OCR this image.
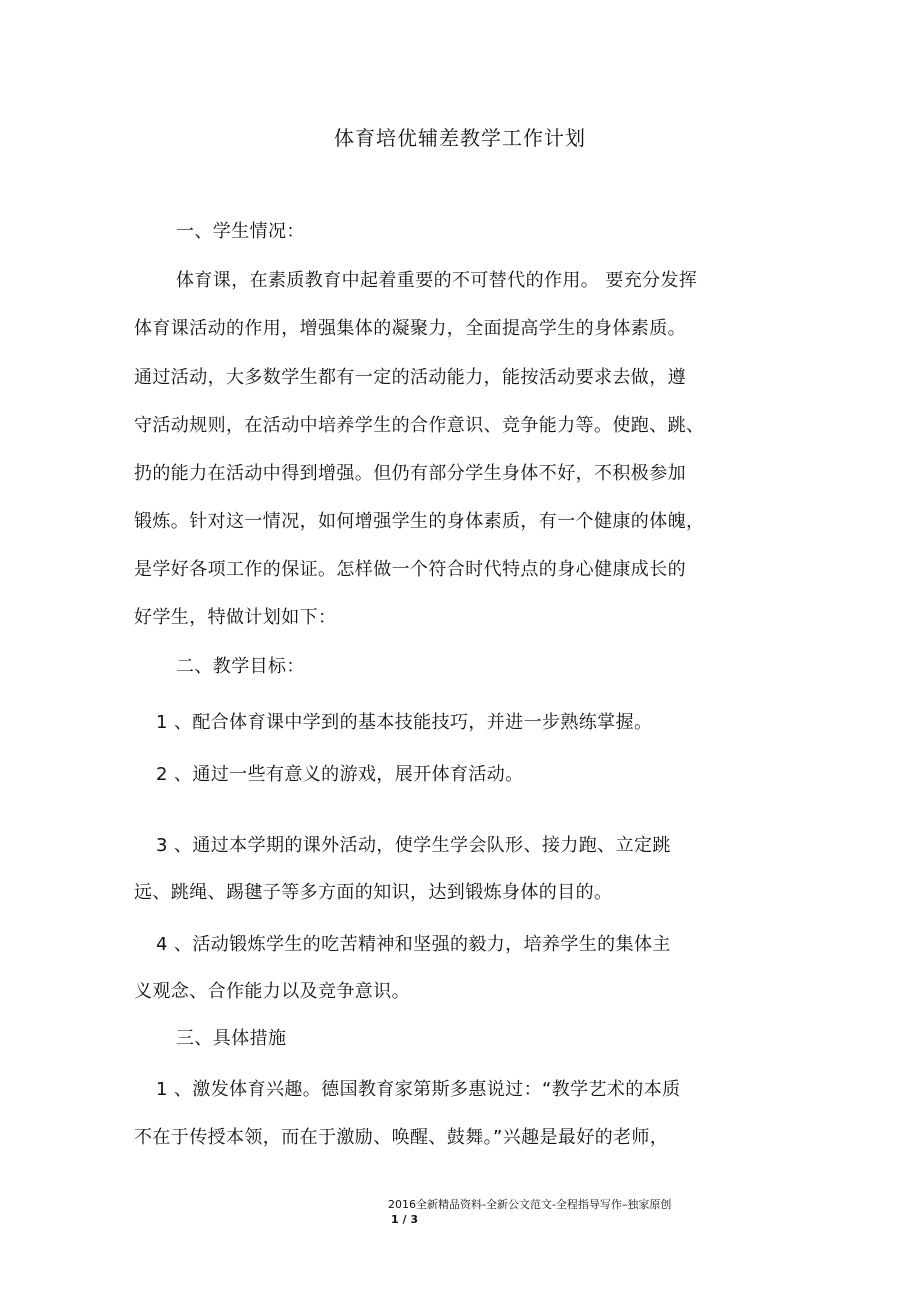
体育培优辅差教学工作计划
一、学生情况：
体育课，在素质教育中起着重要的不可替代的作用。 要充分发挥
体育课活动的作用，增强集体的凝聚力，全面提高学生的身体素质。
通过活动，大多数学生都有一定的活动能力，能按活动要求去做，遵
守活动规则，在活动中培养学生的合作意识、竞争能力等。使跑、跳、
扔的能力在活动中得到增强。但仍有部分学生身体不好，不积极参加
锻炼。针对这一情况，如何增强学生的身体素质，有一个健康的体魄，
是学好各项工作的保证。怎样做一个符合时代特点的身心健康成长的
好学生，特做计划如下：
二、教学目标：
1 、配合体育课中学到的基本技能技巧，并进一步熟练掌握。
2 、通过一些有意义的游戏，展开体育活动。
3 、通过本学期的课外活动，使学生学会队形、接力跑、立定跳
远、跳绳、踢毽子等多方面的知识，达到锻炼身体的目的。
4 、活动锻炼学生的吃苦精神和坚强的毅力，培养学生的集体主
义观念、合作能力以及竞争意识。
三、具体措施
1 、激发体育兴趣。德国教育家第斯多惠说过：“教学艺术的本质
不在于传授本领，而在于激励、唤醒、鼓舞。”兴趣是最好的老师，
2016全新精品资料-全新公文范文-全程指导写作–独家原创
1 / 3
